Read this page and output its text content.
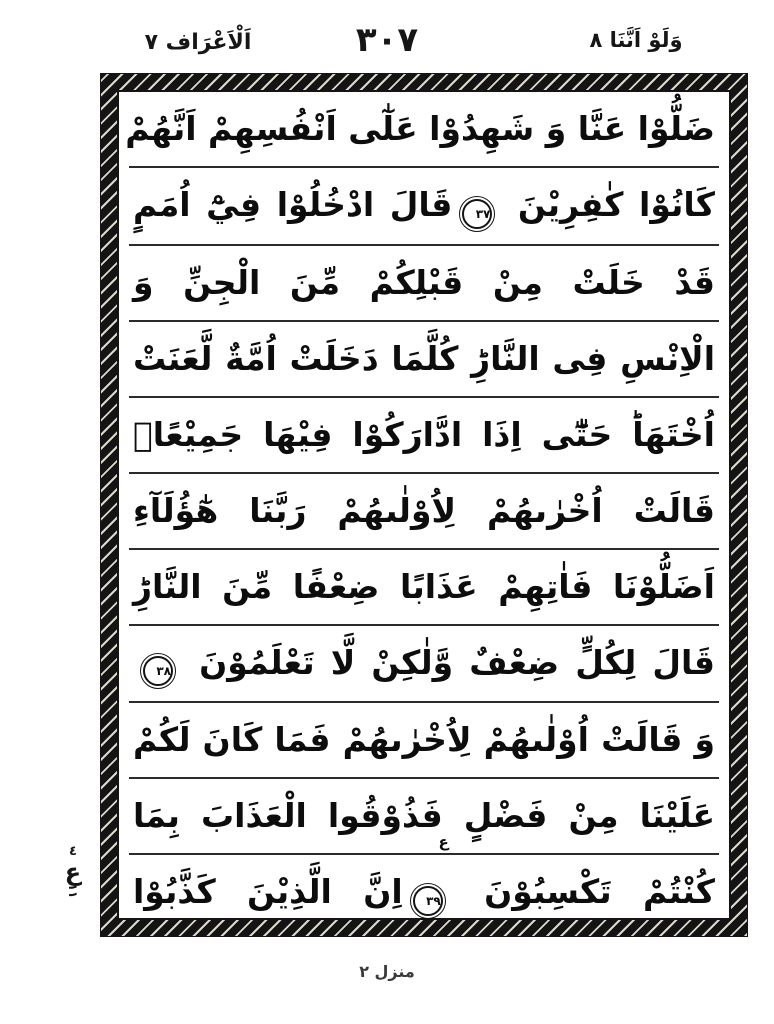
اَلْاَعْرَاف ٧	٣٠٧	وَلَوْ اَنَّنَا ٨
ضَلُّوْا عَنَّا وَ شَهِدُوْا عَلٰٓى اَنْفُسِهِمْ اَنَّهُمْ
كَانُوْا كٰفِرِيْنَ ٣٧قَالَ ادْخُلُوْا فِيْٓ اُمَمٍ
قَدْ خَلَتْ مِنْ قَبْلِكُمْ مِّنَ الْجِنِّ وَ
الْاِنْسِ فِى النَّارِؕ كُلَّمَا دَخَلَتْ اُمَّةٌ لَّعَنَتْ
اُخْتَهَاؕ حَتّٰٓى اِذَا ادَّارَكُوْا فِيْهَا جَمِيْعًاۙ
قَالَتْ اُخْرٰىهُمْ لِاُوْلٰىهُمْ رَبَّنَا هٰٓؤُلَآءِ
اَضَلُّوْنَا فَاٰتِهِمْ عَذَابًا ضِعْفًا مِّنَ النَّارِؕ
قَالَ لِكُلٍّ ضِعْفٌ وَّلٰكِنْ لَّا تَعْلَمُوْنَ ٣٨
وَ قَالَتْ اُوْلٰىهُمْ لِاُخْرٰىهُمْ فَمَا كَانَ لَكُمْ
عَلَيْنَا مِنْ فَضْلٍ فَذُوْقُوا الْعَذَابَ بِمَا
كُنْتُمْ تَكْسِبُوْنَ
ع
٣٩اِنَّ الَّذِيْنَ كَذَّبُوْا
٤
ع
١١
منزل ٢
